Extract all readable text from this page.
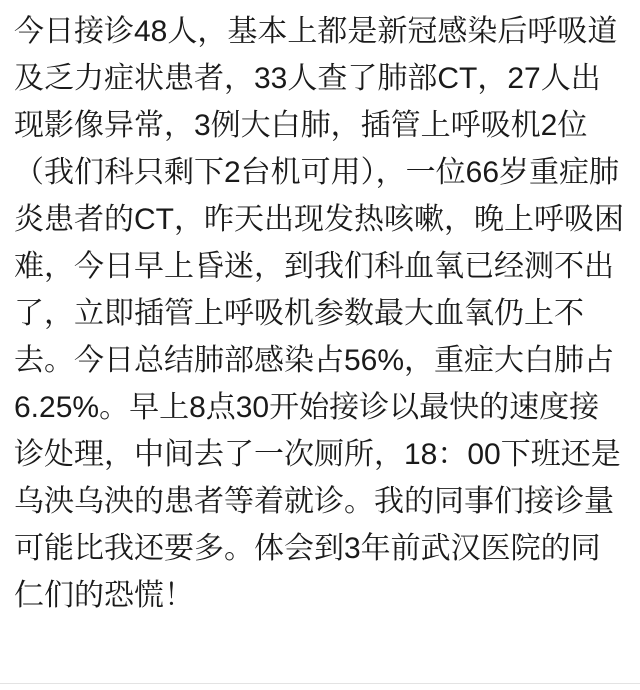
今日接诊48人，基本上都是新冠感染后呼吸道及乏力症状患者，33人查了肺部CT，27人出现影像异常，3例大白肺，插管上呼吸机2位（我们科只剩下2台机可用），一位66岁重症肺炎患者的CT，昨天出现发热咳嗽，晚上呼吸困难，今日早上昏迷，到我们科血氧已经测不出了，立即插管上呼吸机参数最大血氧仍上不去。今日总结肺部感染占56%，重症大白肺占6.25%。早上8点30开始接诊以最快的速度接诊处理，中间去了一次厕所，18：00下班还是乌泱乌泱的患者等着就诊。我的同事们接诊量可能比我还要多。体会到3年前武汉医院的同仁们的恐慌！
